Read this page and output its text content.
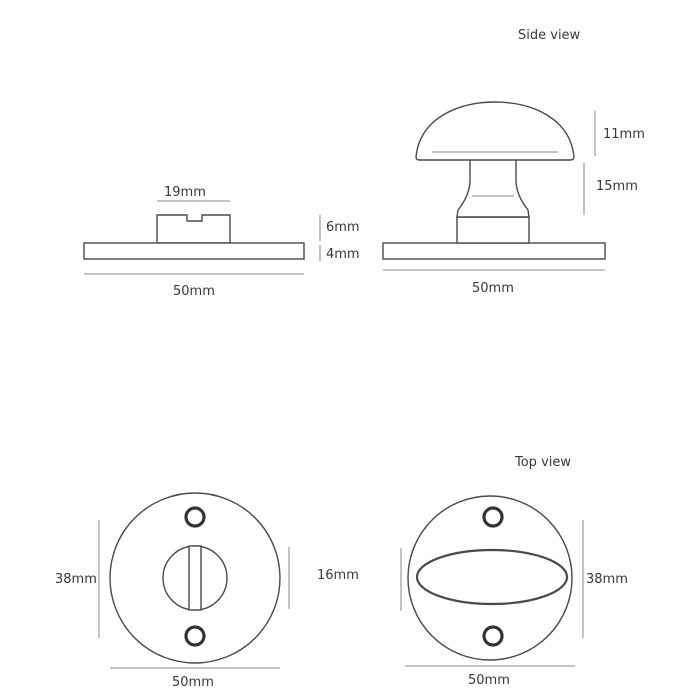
Side view
Top view
19mm
6mm
4mm
50mm
11mm
15mm
50mm
38mm	16mm
50mm
38mm
50mm
